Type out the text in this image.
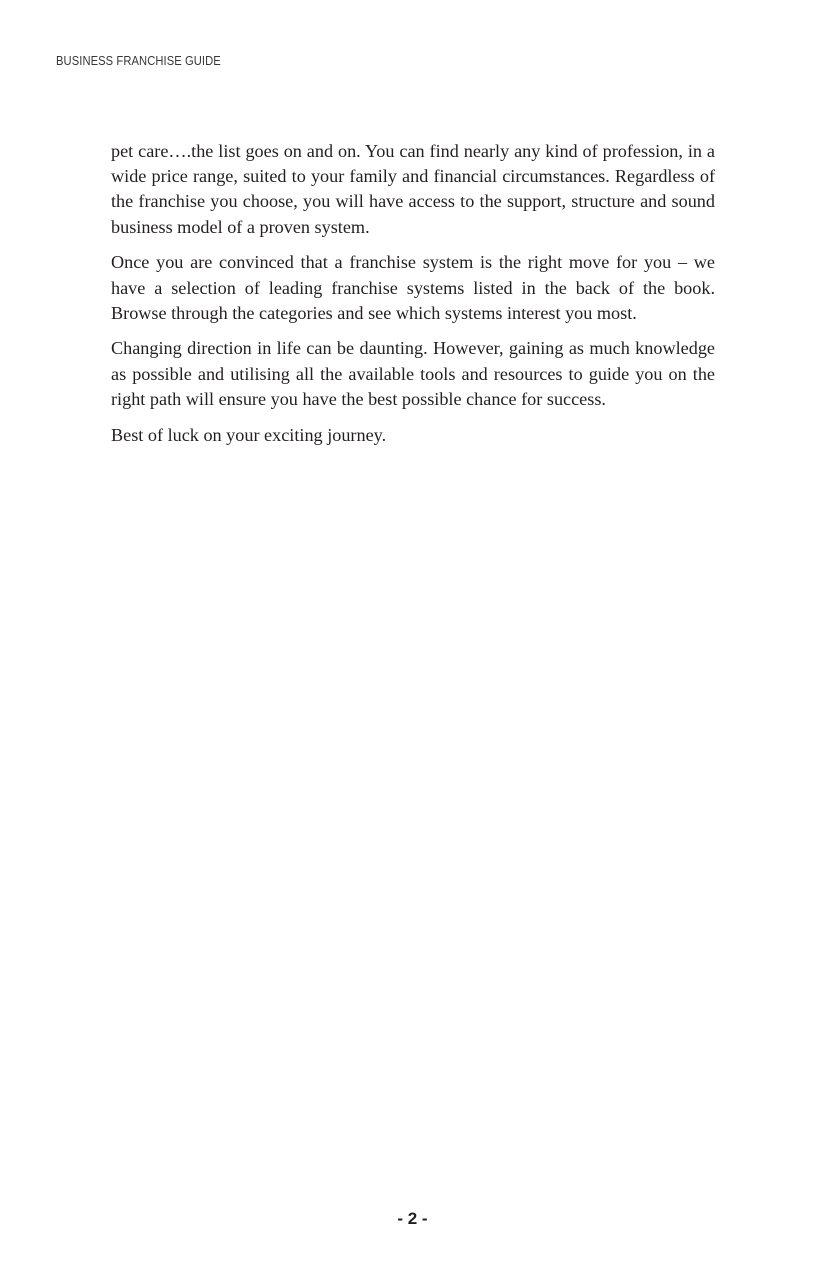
BUSINESS FRANCHISE GUIDE

pet care….the list goes on and on. You can find nearly any kind of profession, in a wide price range, suited to your family and financial circumstances. Regardless of the franchise you choose, you will have access to the support, structure and sound business model of a proven system.

Once you are convinced that a franchise system is the right move for you – we have a selection of leading franchise systems listed in the back of the book. Browse through the categories and see which systems interest you most.

Changing direction in life can be daunting. However, gaining as much knowledge as possible and utilising all the available tools and resources to guide you on the right path will ensure you have the best possible chance for success.

Best of luck on your exciting journey.

- 2 -
